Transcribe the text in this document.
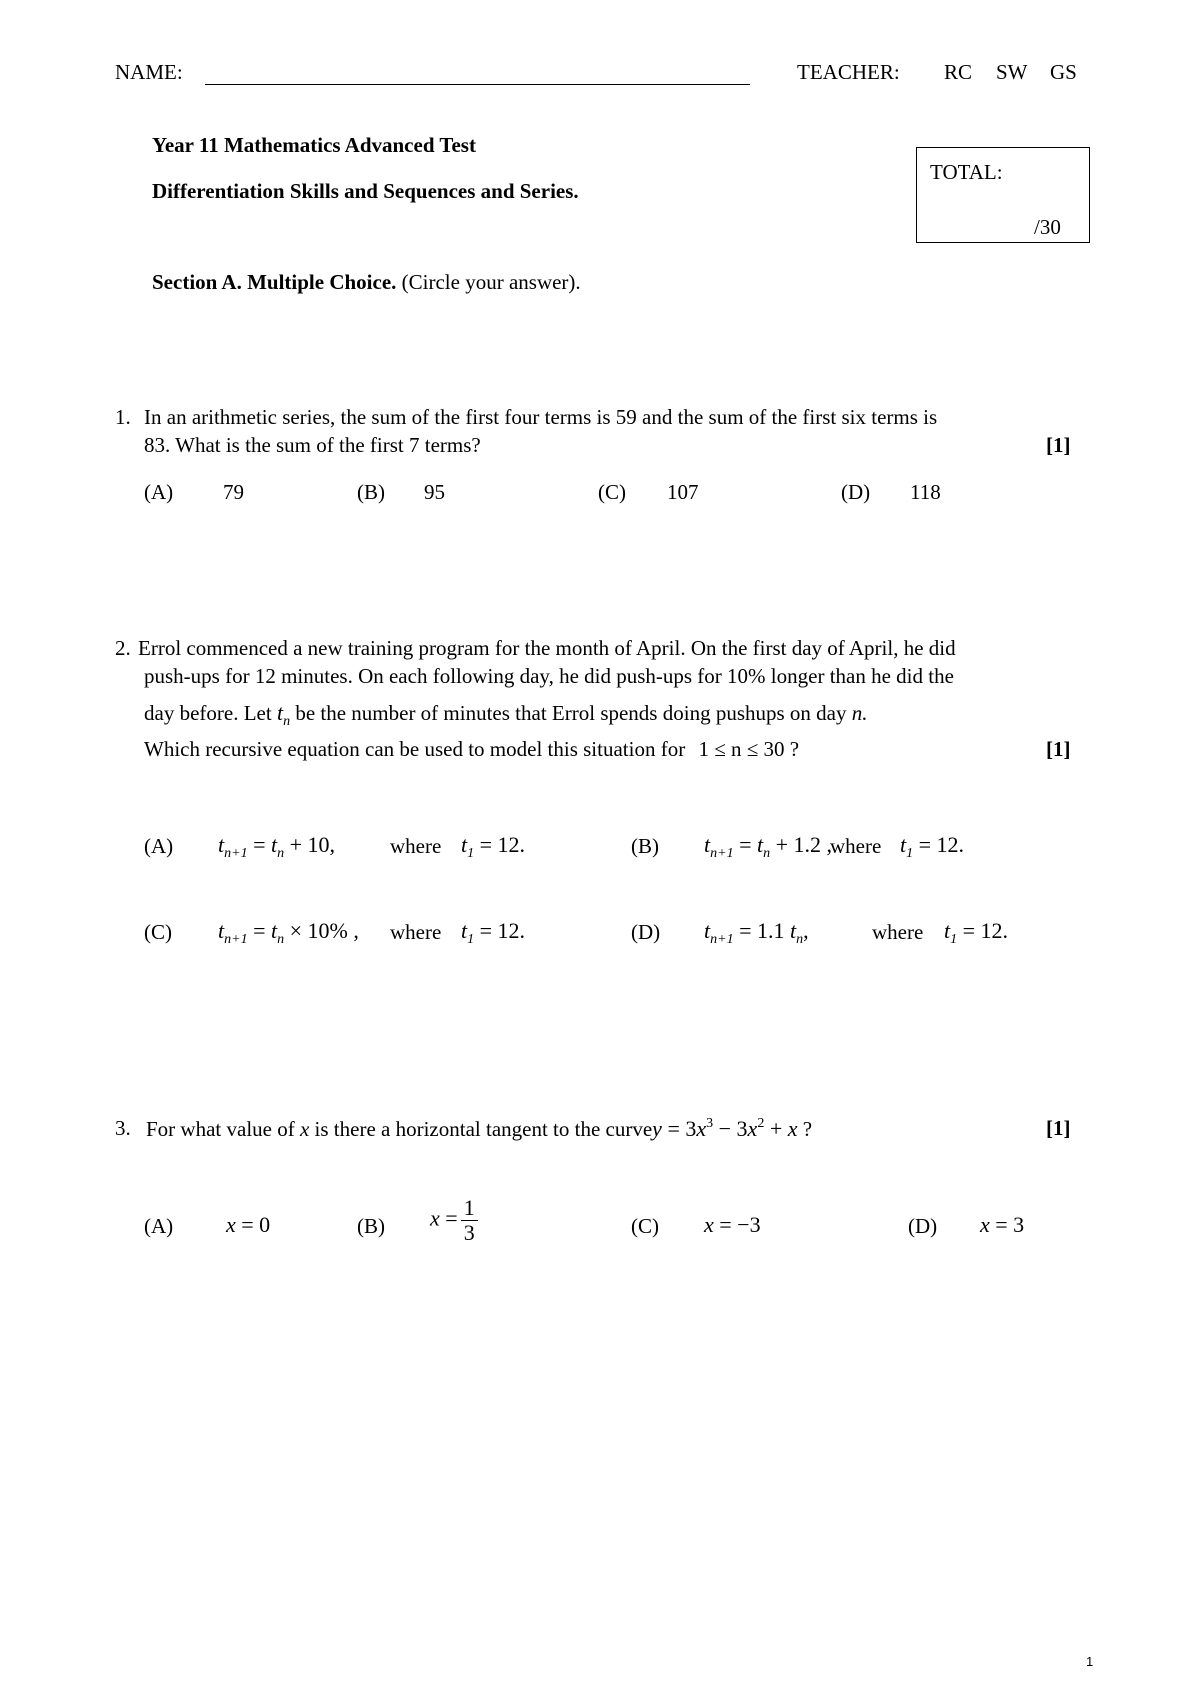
NAME:	TEACHER: RC SW GS
Year 11 Mathematics Advanced Test
Differentiation Skills and Sequences and Series.
TOTAL:
/30
Section A. Multiple Choice. (Circle your answer).
1. In an arithmetic series, the sum of the first four terms is 59 and the sum of the first six terms is
83. What is the sum of the first 7 terms?	[1]
(A) 79	(B) 95	(C) 107	(D) 118
2. Errol commenced a new training program for the month of April. On the first day of April, he did
push-ups for 12 minutes. On each following day, he did push-ups for 10% longer than he did the
day before. Let $t_n$ be the number of minutes that Errol spends doing pushups on day n.
Which recursive equation can be used to model this situation for 1 ≤ n ≤ 30 ?	[1]
(A) $t_{n+1} = t_n + 10$,	where $t_1 = 12$.	(B) $t_{n+1} = t_n + 1.2$ ,
where $t_1 = 12$.
(C) $t_{n+1} = t_n \times 10\%$ , where $t_1 = 12$.	(D) $t_{n+1} = 1.1$ $t_n$,	where $t_1 = 12$.
3. For what value of x is there a horizontal tangent to the curvey = $3x^3 - 3x^2 + x$ ?	[1]
(A) x = 0	(B) $x = \frac{1}{3}$	(C) x = −3	(D) x = 3
1
